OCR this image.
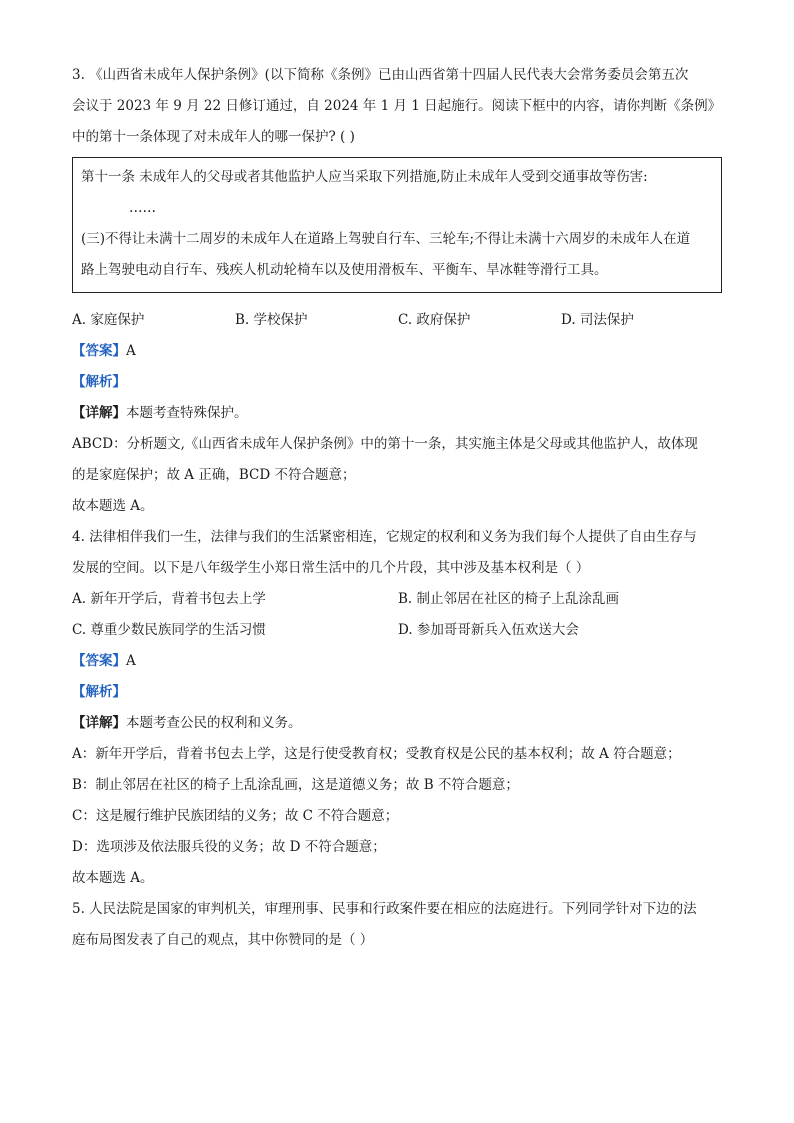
3. 《山西省未成年人保护条例》(以下简称《条例》已由山西省第十四届人民代表大会常务委员会第五次
会议于 2023 年 9 月 22 日修订通过，自 2024 年 1 月 1 日起施行。阅读下框中的内容，请你判断《条例》
中的第十一条体现了对未成年人的哪一保护? ( )
第十一条 未成年人的父母或者其他监护人应当采取下列措施,防止未成年人受到交通事故等伤害:
……
(三)不得让未满十二周岁的未成年人在道路上驾驶自行车、三轮车;不得让未满十六周岁的未成年人在道
路上驾驶电动自行车、残疾人机动轮椅车以及使用滑板车、平衡车、旱冰鞋等滑行工具。
A. 家庭保护	B. 学校保护	C. 政府保护	D. 司法保护
【答案】A
【解析】
【详解】本题考查特殊保护。
ABCD：分析题文,《山西省未成年人保护条例》中的第十一条，其实施主体是父母或其他监护人，故体现
的是家庭保护；故 A 正确，BCD 不符合题意；
故本题选 A。
4. 法律相伴我们一生，法律与我们的生活紧密相连，它规定的权利和义务为我们每个人提供了自由生存与
发展的空间。以下是八年级学生小郑日常生活中的几个片段，其中涉及基本权利是（ ）
A. 新年开学后，背着书包去上学	B. 制止邻居在社区的椅子上乱涂乱画
C. 尊重少数民族同学的生活习惯	D. 参加哥哥新兵入伍欢送大会
【答案】A
【解析】
【详解】本题考查公民的权利和义务。
A：新年开学后，背着书包去上学，这是行使受教育权；受教育权是公民的基本权利；故 A 符合题意；
B：制止邻居在社区的椅子上乱涂乱画，这是道德义务；故 B 不符合题意；
C：这是履行维护民族团结的义务；故 C 不符合题意；
D：选项涉及依法服兵役的义务；故 D 不符合题意；
故本题选 A。
5. 人民法院是国家的审判机关，审理刑事、民事和行政案件要在相应的法庭进行。下列同学针对下边的法
庭布局图发表了自己的观点，其中你赞同的是（ ）
